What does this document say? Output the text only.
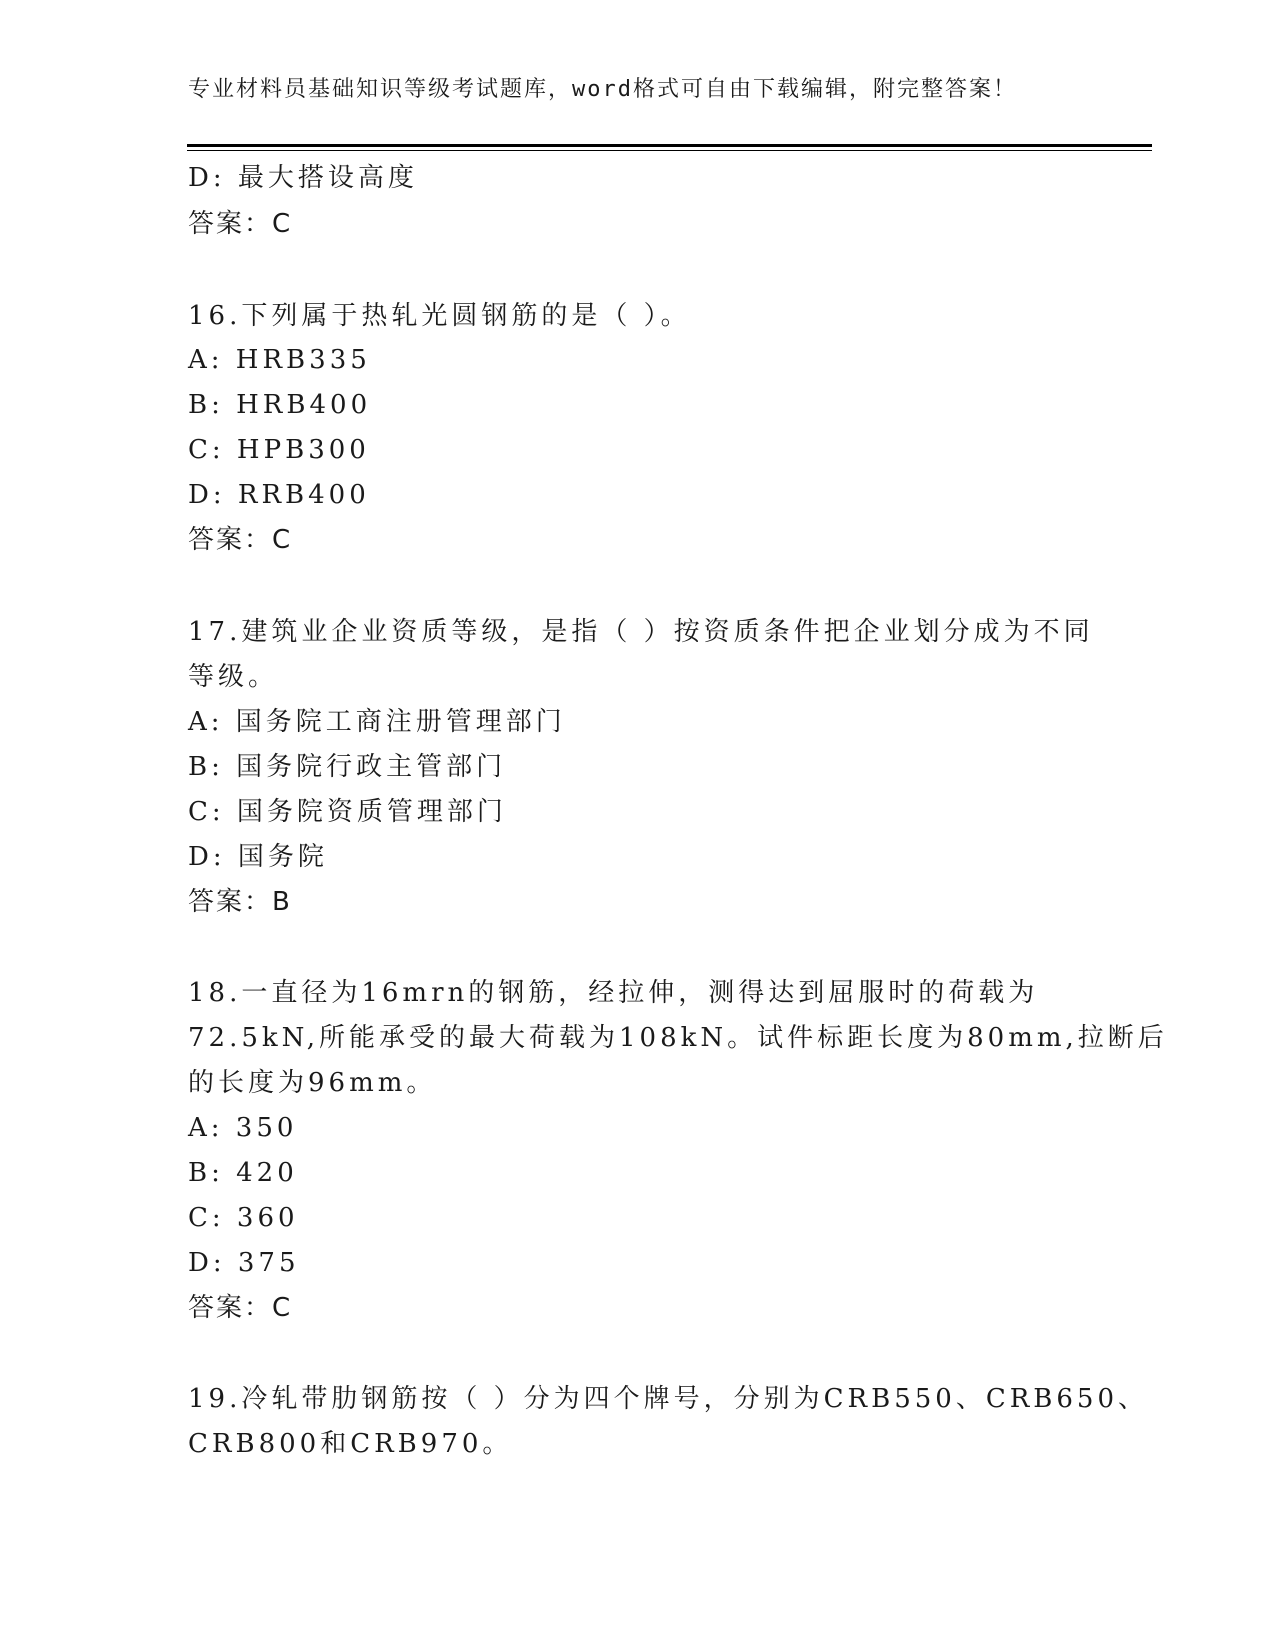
专业材料员基础知识等级考试题库，word格式可自由下载编辑，附完整答案！
D: 最大搭设高度
答案：C
16.下列属于热轧光圆钢筋的是（ ）。
A: HRB335
B: HRB400
C: HPB300
D: RRB400
答案：C
17.建筑业企业资质等级，是指（ ）按资质条件把企业划分成为不同
等级。
A: 国务院工商注册管理部门
B: 国务院行政主管部门
C: 国务院资质管理部门
D: 国务院
答案：B
18.一直径为16mrn的钢筋，经拉伸，测得达到屈服时的荷载为
72.5kN,所能承受的最大荷载为108kN。试件标距长度为80mm,拉断后
的长度为96mm。
A: 350
B: 420
C: 360
D: 375
答案：C
19.冷轧带肋钢筋按（ ）分为四个牌号，分别为CRB550、CRB650、
CRB800和CRB970。
